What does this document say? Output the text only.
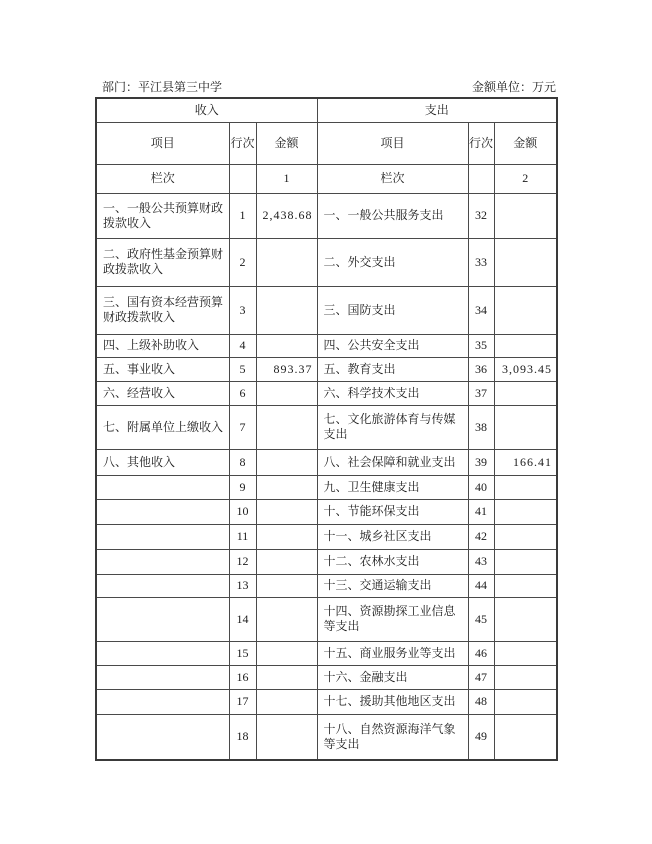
部门：平江县第三中学	金额单位：万元
收入			支出		
项目	行次	金额	项目	行次	金额
栏次		1	栏次		2
一、一般公共预算财政拨款收入	1	2,438.68	一、一般公共服务支出	32	
二、政府性基金预算财政拨款收入	2		二、外交支出	33	
三、国有资本经营预算财政拨款收入	3		三、国防支出	34	
四、上级补助收入	4		四、公共安全支出	35	
五、事业收入	5	893.37	五、教育支出	36	3,093.45
六、经营收入	6		六、科学技术支出	37	
七、附属单位上缴收入	7		七、文化旅游体育与传媒支出	38	
八、其他收入	8		八、社会保障和就业支出	39	166.41
	9		九、卫生健康支出	40	
	10		十、节能环保支出	41	
	11		十一、城乡社区支出	42	
	12		十二、农林水支出	43	
	13		十三、交通运输支出	44	
	14		十四、资源勘探工业信息等支出	45	
	15		十五、商业服务业等支出	46	
	16		十六、金融支出	47	
	17		十七、援助其他地区支出	48	
	18		十八、自然资源海洋气象等支出	49	
